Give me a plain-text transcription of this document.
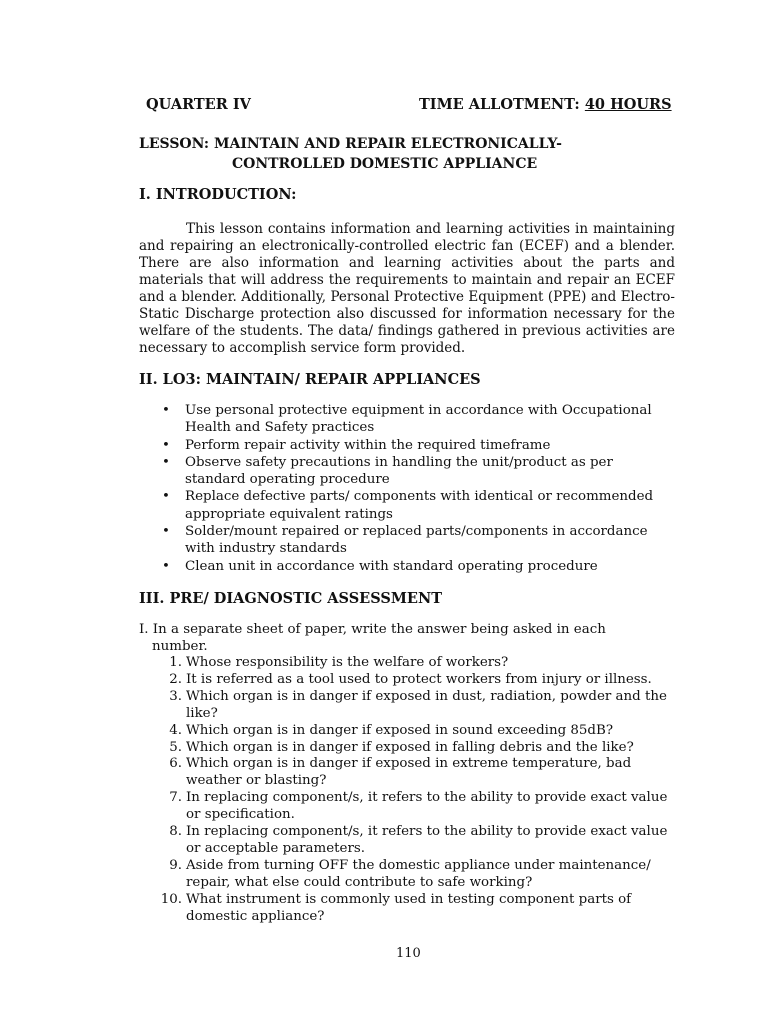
QUARTER IV	TIME ALLOTMENT: 40 HOURS
LESSON: MAINTAIN AND REPAIR ELECTRONICALLY-
CONTROLLED DOMESTIC APPLIANCE
I. INTRODUCTION:
This lesson contains information and learning activities in maintaining and repairing an electronically-controlled electric fan (ECEF) and a blender. There are also information and learning activities about the parts and materials that will address the requirements to maintain and repair an ECEF and a blender. Additionally, Personal Protective Equipment (PPE) and Electro-Static Discharge protection also discussed for information necessary for the welfare of the students. The data/ findings gathered in previous activities are necessary to accomplish service form provided.
II. LO3: MAINTAIN/ REPAIR APPLIANCES
• Use personal protective equipment in accordance with Occupational Health and Safety practices
• Perform repair activity within the required timeframe
• Observe safety precautions in handling the unit/product as per standard operating procedure
• Replace defective parts/ components with identical or recommended appropriate equivalent ratings
• Solder/mount repaired or replaced parts/components in accordance with industry standards
• Clean unit in accordance with standard operating procedure
III. PRE/ DIAGNOSTIC ASSESSMENT
I. In a separate sheet of paper, write the answer being asked in each
number.
1. Whose responsibility is the welfare of workers?
2. It is referred as a tool used to protect workers from injury or illness.
3. Which organ is in danger if exposed in dust, radiation, powder and the like?
4. Which organ is in danger if exposed in sound exceeding 85dB?
5. Which organ is in danger if exposed in falling debris and the like?
6. Which organ is in danger if exposed in extreme temperature, bad weather or blasting?
7. In replacing component/s, it refers to the ability to provide exact value or specification.
8. In replacing component/s, it refers to the ability to provide exact value or acceptable parameters.
9. Aside from turning OFF the domestic appliance under maintenance/ repair, what else could contribute to safe working?
10. What instrument is commonly used in testing component parts of domestic appliance?
110
